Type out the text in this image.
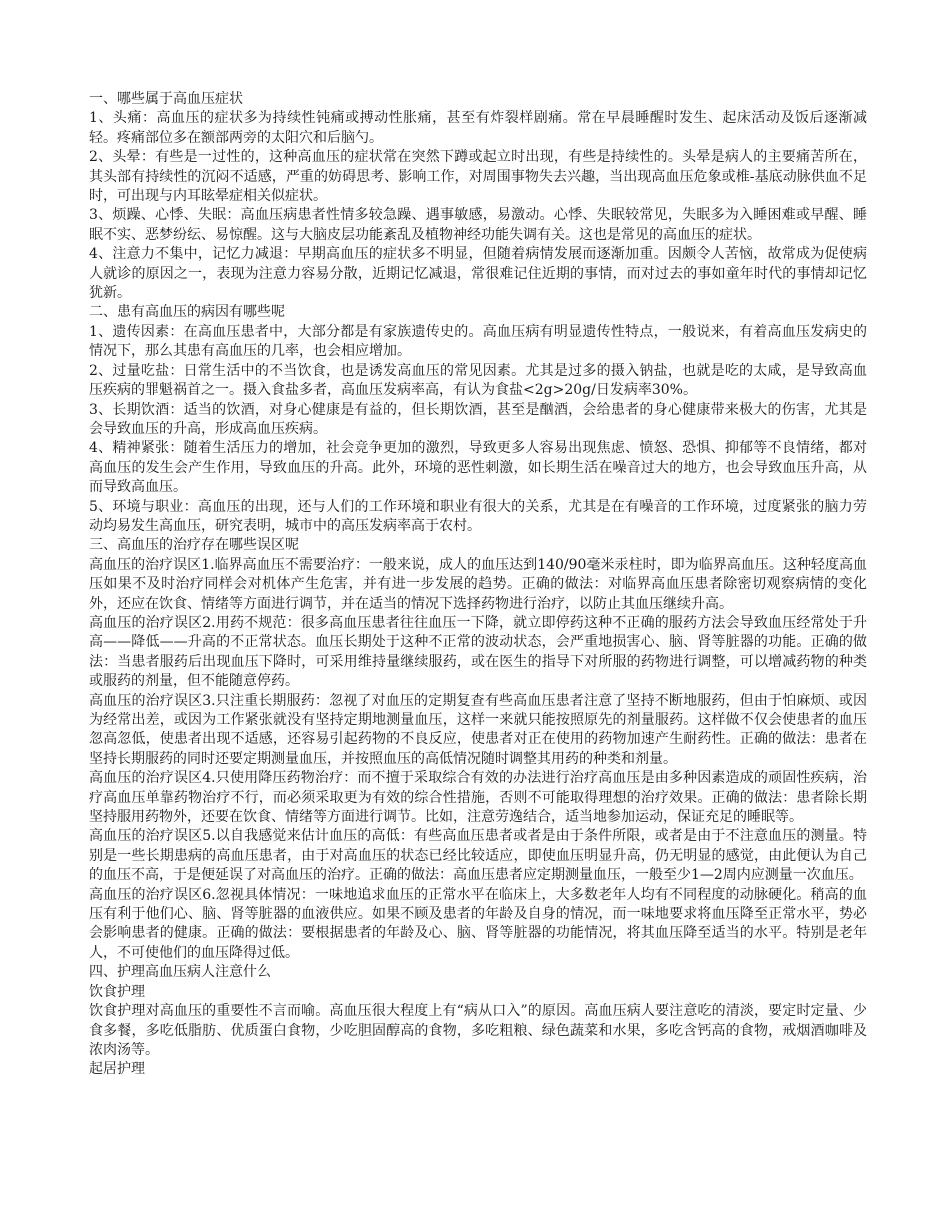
一、哪些属于高血压症状

1、头痛：高血压的症状多为持续性钝痛或搏动性胀痛，甚至有炸裂样剧痛。常在早晨睡醒时发生、起床活动及饭后逐渐减轻。疼痛部位多在额部两旁的太阳穴和后脑勺。

2、头晕：有些是一过性的，这种高血压的症状常在突然下蹲或起立时出现，有些是持续性的。头晕是病人的主要痛苦所在，其头部有持续性的沉闷不适感，严重的妨碍思考、影响工作，对周围事物失去兴趣，当出现高血压危象或椎-基底动脉供血不足时，可出现与内耳眩晕症相关似症状。

3、烦躁、心悸、失眠：高血压病患者性情多较急躁、遇事敏感，易激动。心悸、失眠较常见，失眠多为入睡困难或早醒、睡眠不实、恶梦纷纭、易惊醒。这与大脑皮层功能紊乱及植物神经功能失调有关。这也是常见的高血压的症状。

4、注意力不集中，记忆力减退：早期高血压的症状多不明显，但随着病情发展而逐渐加重。因颇令人苦恼，故常成为促使病人就诊的原因之一，表现为注意力容易分散，近期记忆减退，常很难记住近期的事情，而对过去的事如童年时代的事情却记忆犹新。

二、患有高血压的病因有哪些呢

1、遗传因素：在高血压患者中，大部分都是有家族遗传史的。高血压病有明显遗传性特点，一般说来，有着高血压发病史的情况下，那么其患有高血压的几率，也会相应增加。

2、过量吃盐：日常生活中的不当饮食，也是诱发高血压的常见因素。尤其是过多的摄入钠盐，也就是吃的太咸，是导致高血压疾病的罪魁祸首之一。摄入食盐多者，高血压发病率高，有认为食盐<2g>20g/日发病率30%。

3、长期饮酒：适当的饮酒，对身心健康是有益的，但长期饮酒，甚至是酗酒，会给患者的身心健康带来极大的伤害，尤其是会导致血压的升高，形成高血压疾病。

4、精神紧张：随着生活压力的增加，社会竞争更加的激烈，导致更多人容易出现焦虑、愤怒、恐惧、抑郁等不良情绪，都对高血压的发生会产生作用，导致血压的升高。此外，环境的恶性刺激，如长期生活在噪音过大的地方，也会导致血压升高，从而导致高血压。

5、环境与职业：高血压的出现，还与人们的工作环境和职业有很大的关系，尤其是在有噪音的工作环境，过度紧张的脑力劳动均易发生高血压，研究表明，城市中的高压发病率高于农村。

三、高血压的治疗存在哪些误区呢

高血压的治疗误区1.临界高血压不需要治疗：一般来说，成人的血压达到140/90毫米汞柱时，即为临界高血压。这种轻度高血压如果不及时治疗同样会对机体产生危害，并有进一步发展的趋势。正确的做法：对临界高血压患者除密切观察病情的变化外，还应在饮食、情绪等方面进行调节，并在适当的情况下选择药物进行治疗，以防止其血压继续升高。

高血压的治疗误区2.用药不规范：很多高血压患者往往血压一下降，就立即停药这种不正确的服药方法会导致血压经常处于升高——降低——升高的不正常状态。血压长期处于这种不正常的波动状态，会严重地损害心、脑、肾等脏器的功能。正确的做法：当患者服药后出现血压下降时，可采用维持量继续服药，或在医生的指导下对所服的药物进行调整，可以增减药物的种类或服药的剂量，但不能随意停药。

高血压的治疗误区3.只注重长期服药：忽视了对血压的定期复查有些高血压患者注意了坚持不断地服药，但由于怕麻烦、或因为经常出差，或因为工作紧张就没有坚持定期地测量血压，这样一来就只能按照原先的剂量服药。这样做不仅会使患者的血压忽高忽低，使患者出现不适感，还容易引起药物的不良反应，使患者对正在使用的药物加速产生耐药性。正确的做法：患者在坚持长期服药的同时还要定期测量血压，并按照血压的高低情况随时调整其用药的种类和剂量。

高血压的治疗误区4.只使用降压药物治疗：而不擅于采取综合有效的办法进行治疗高血压是由多种因素造成的顽固性疾病，治疗高血压单靠药物治疗不行，而必须采取更为有效的综合性措施，否则不可能取得理想的治疗效果。正确的做法：患者除长期坚持服用药物外，还要在饮食、情绪等方面进行调节。比如，注意劳逸结合，适当地参加运动，保证充足的睡眠等。

高血压的治疗误区5.以自我感觉来估计血压的高低：有些高血压患者或者是由于条件所限，或者是由于不注意血压的测量。特别是一些长期患病的高血压患者，由于对高血压的状态已经比较适应，即使血压明显升高，仍无明显的感觉，由此便认为自己的血压不高，于是便延误了对高血压的治疗。正确的做法：高血压患者应定期测量血压，一般至少1—2周内应测量一次血压。

高血压的治疗误区6.忽视具体情况：一味地追求血压的正常水平在临床上，大多数老年人均有不同程度的动脉硬化。稍高的血压有利于他们心、脑、肾等脏器的血液供应。如果不顾及患者的年龄及自身的情况，而一味地要求将血压降至正常水平，势必会影响患者的健康。正确的做法：要根据患者的年龄及心、脑、肾等脏器的功能情况，将其血压降至适当的水平。特别是老年人，不可使他们的血压降得过低。

四、护理高血压病人注意什么

饮食护理

饮食护理对高血压的重要性不言而喻。高血压很大程度上有“病从口入”的原因。高血压病人要注意吃的清淡，要定时定量、少食多餐，多吃低脂肪、优质蛋白食物，少吃胆固醇高的食物，多吃粗粮、绿色蔬菜和水果，多吃含钙高的食物，戒烟酒咖啡及浓肉汤等。

起居护理
